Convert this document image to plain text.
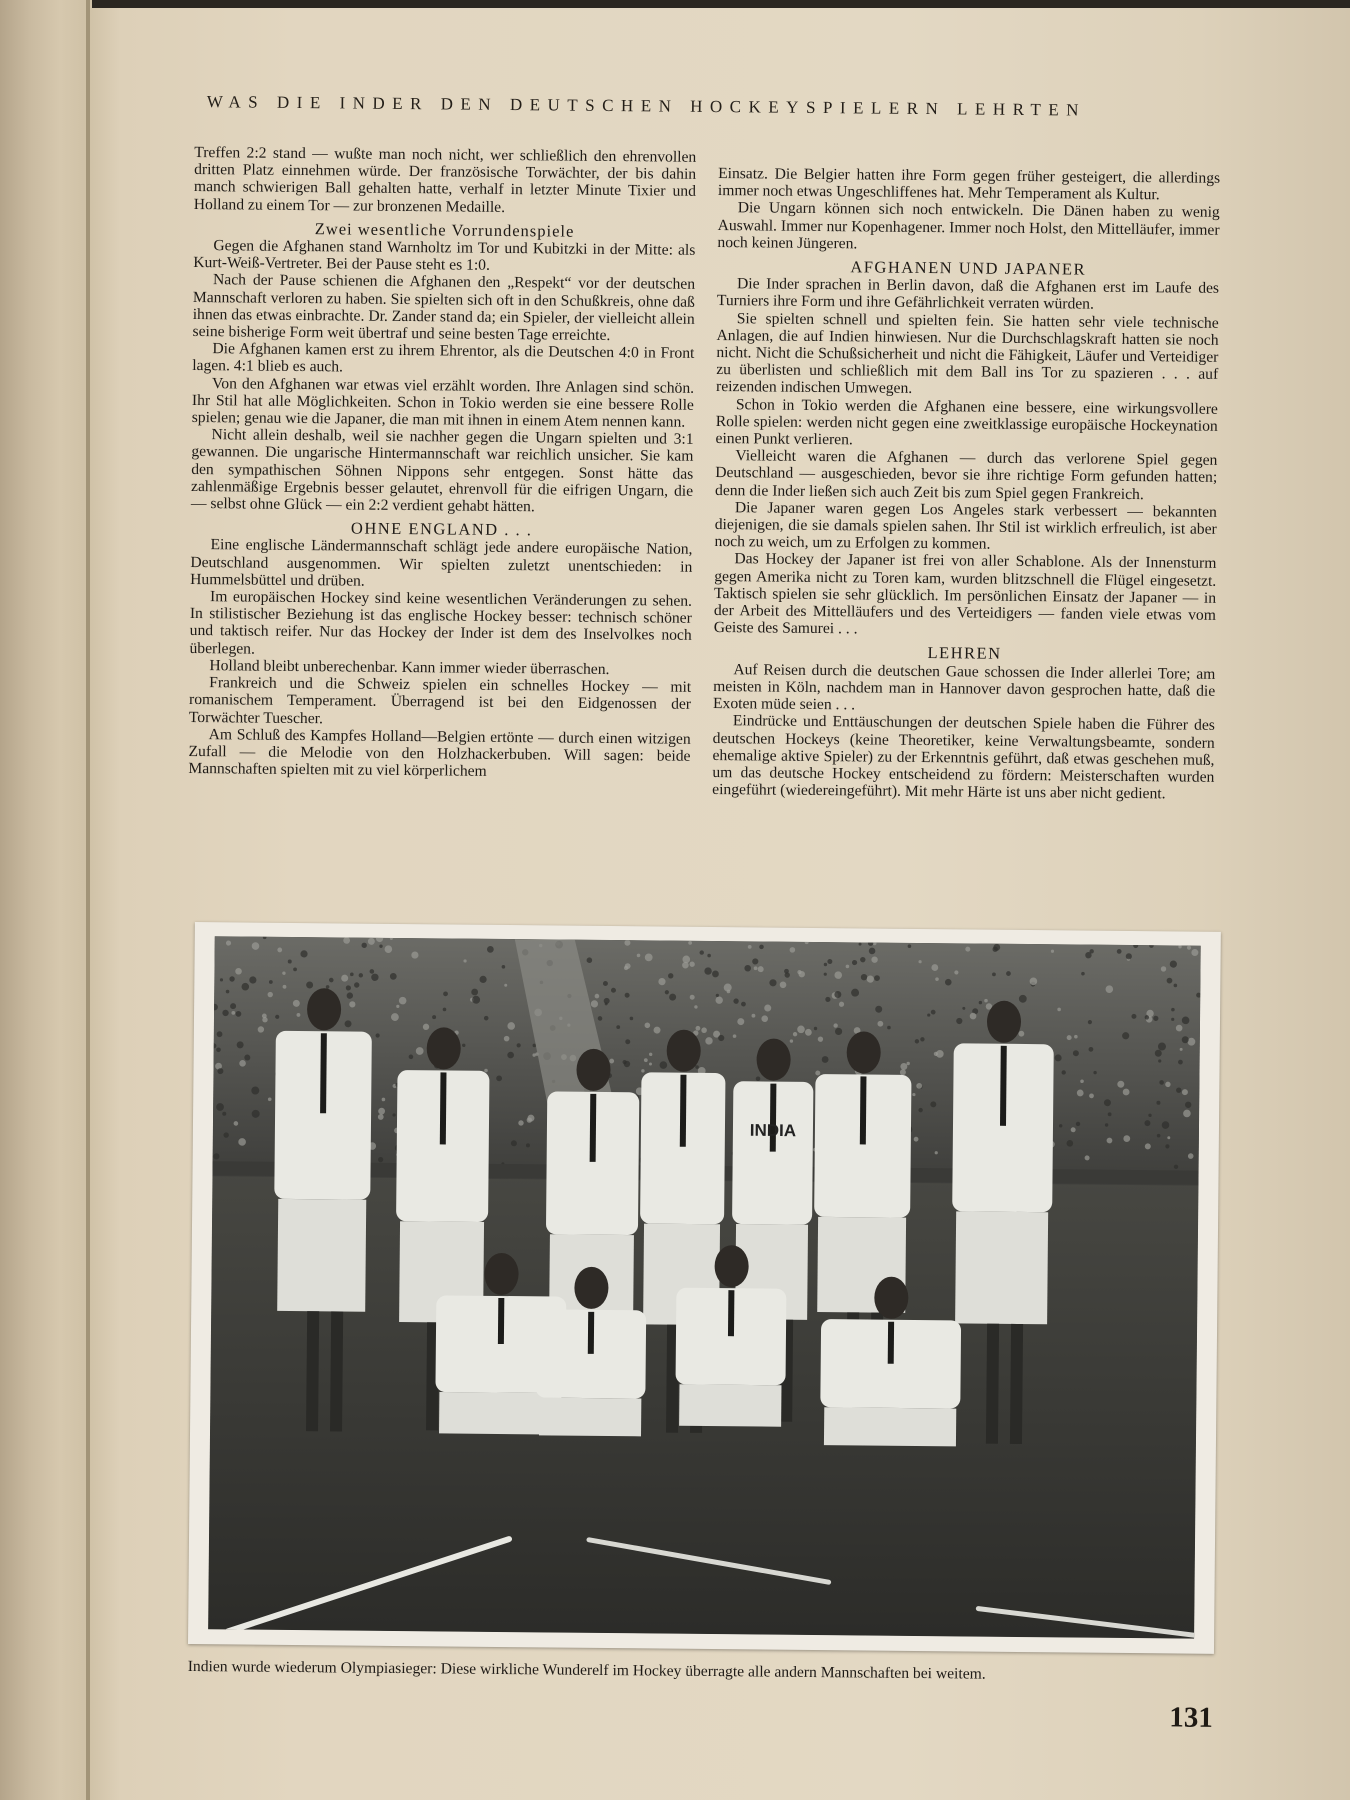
WAS DIE INDER DEN DEUTSCHEN HOCKEYSPIELERN LEHRTEN

Treffen 2:2 stand — wußte man noch nicht, wer schließlich den ehrenvollen dritten Platz einnehmen würde. Der französische Torwächter, der bis dahin manch schwierigen Ball gehalten hatte, verhalf in letzter Minute Tixier und Holland zu einem Tor — zur bronzenen Medaille.

Zwei wesentliche Vorrundenspiele

Gegen die Afghanen stand Warnholtz im Tor und Kubitzki in der Mitte: als Kurt-Weiß-Vertreter. Bei der Pause steht es 1:0.

Nach der Pause schienen die Afghanen den „Respekt“ vor der deutschen Mannschaft verloren zu haben. Sie spielten sich oft in den Schußkreis, ohne daß ihnen das etwas einbrachte. Dr. Zander stand da; ein Spieler, der vielleicht allein seine bisherige Form weit übertraf und seine besten Tage erreichte.

Die Afghanen kamen erst zu ihrem Ehrentor, als die Deutschen 4:0 in Front lagen. 4:1 blieb es auch.

Von den Afghanen war etwas viel erzählt worden. Ihre Anlagen sind schön. Ihr Stil hat alle Möglichkeiten. Schon in Tokio werden sie eine bessere Rolle spielen; genau wie die Japaner, die man mit ihnen in einem Atem nennen kann.

Nicht allein deshalb, weil sie nachher gegen die Ungarn spielten und 3:1 gewannen. Die ungarische Hintermannschaft war reichlich unsicher. Sie kam den sympathischen Söhnen Nippons sehr entgegen. Sonst hätte das zahlenmäßige Ergebnis besser gelautet, ehrenvoll für die eifrigen Ungarn, die — selbst ohne Glück — ein 2:2 verdient gehabt hätten.

OHNE ENGLAND . . .

Eine englische Ländermannschaft schlägt jede andere europäische Nation, Deutschland ausgenommen. Wir spielten zuletzt unentschieden: in Hummelsbüttel und drüben.

Im europäischen Hockey sind keine wesentlichen Veränderungen zu sehen. In stilistischer Beziehung ist das englische Hockey besser: technisch schöner und taktisch reifer. Nur das Hockey der Inder ist dem des Inselvolkes noch überlegen.

Holland bleibt unberechenbar. Kann immer wieder überraschen.

Frankreich und die Schweiz spielen ein schnelles Hockey — mit romanischem Temperament. Überragend ist bei den Eidgenossen der Torwächter Tuescher.

Am Schluß des Kampfes Holland—Belgien ertönte — durch einen witzigen Zufall — die Melodie von den Holzhackerbuben. Will sagen: beide Mannschaften spielten mit zu viel körperlichem

Einsatz. Die Belgier hatten ihre Form gegen früher gesteigert, die allerdings immer noch etwas Ungeschliffenes hat. Mehr Temperament als Kultur.

Die Ungarn können sich noch entwickeln. Die Dänen haben zu wenig Auswahl. Immer nur Kopenhagener. Immer noch Holst, den Mittelläufer, immer noch keinen Jüngeren.

AFGHANEN UND JAPANER

Die Inder sprachen in Berlin davon, daß die Afghanen erst im Laufe des Turniers ihre Form und ihre Gefährlichkeit verraten würden.

Sie spielten schnell und spielten fein. Sie hatten sehr viele technische Anlagen, die auf Indien hinwiesen. Nur die Durchschlagskraft hatten sie noch nicht. Nicht die Schußsicherheit und nicht die Fähigkeit, Läufer und Verteidiger zu überlisten und schließlich mit dem Ball ins Tor zu spazieren . . . auf reizenden indischen Umwegen.

Schon in Tokio werden die Afghanen eine bessere, eine wirkungsvollere Rolle spielen: werden nicht gegen eine zweitklassige europäische Hockeynation einen Punkt verlieren.

Vielleicht waren die Afghanen — durch das verlorene Spiel gegen Deutschland — ausgeschieden, bevor sie ihre richtige Form gefunden hatten; denn die Inder ließen sich auch Zeit bis zum Spiel gegen Frankreich.

Die Japaner waren gegen Los Angeles stark verbessert — bekannten diejenigen, die sie damals spielen sahen. Ihr Stil ist wirklich erfreulich, ist aber noch zu weich, um zu Erfolgen zu kommen.

Das Hockey der Japaner ist frei von aller Schablone. Als der Innensturm gegen Amerika nicht zu Toren kam, wurden blitzschnell die Flügel eingesetzt. Taktisch spielen sie sehr glücklich. Im persönlichen Einsatz der Japaner — in der Arbeit des Mittelläufers und des Verteidigers — fanden viele etwas vom Geiste des Samurei . . .

LEHREN

Auf Reisen durch die deutschen Gaue schossen die Inder allerlei Tore; am meisten in Köln, nachdem man in Hannover davon gesprochen hatte, daß die Exoten müde seien . . .

Eindrücke und Enttäuschungen der deutschen Spiele haben die Führer des deutschen Hockeys (keine Theoretiker, keine Verwaltungsbeamte, sondern ehemalige aktive Spieler) zu der Erkenntnis geführt, daß etwas geschehen muß, um das deutsche Hockey entscheidend zu fördern: Meisterschaften wurden eingeführt (wiedereingeführt). Mit mehr Härte ist uns aber nicht gedient.

INDIA
Indien wurde wiederum Olympiasieger: Diese wirkliche Wunderelf im Hockey überragte alle andern Mannschaften bei weitem.
131
